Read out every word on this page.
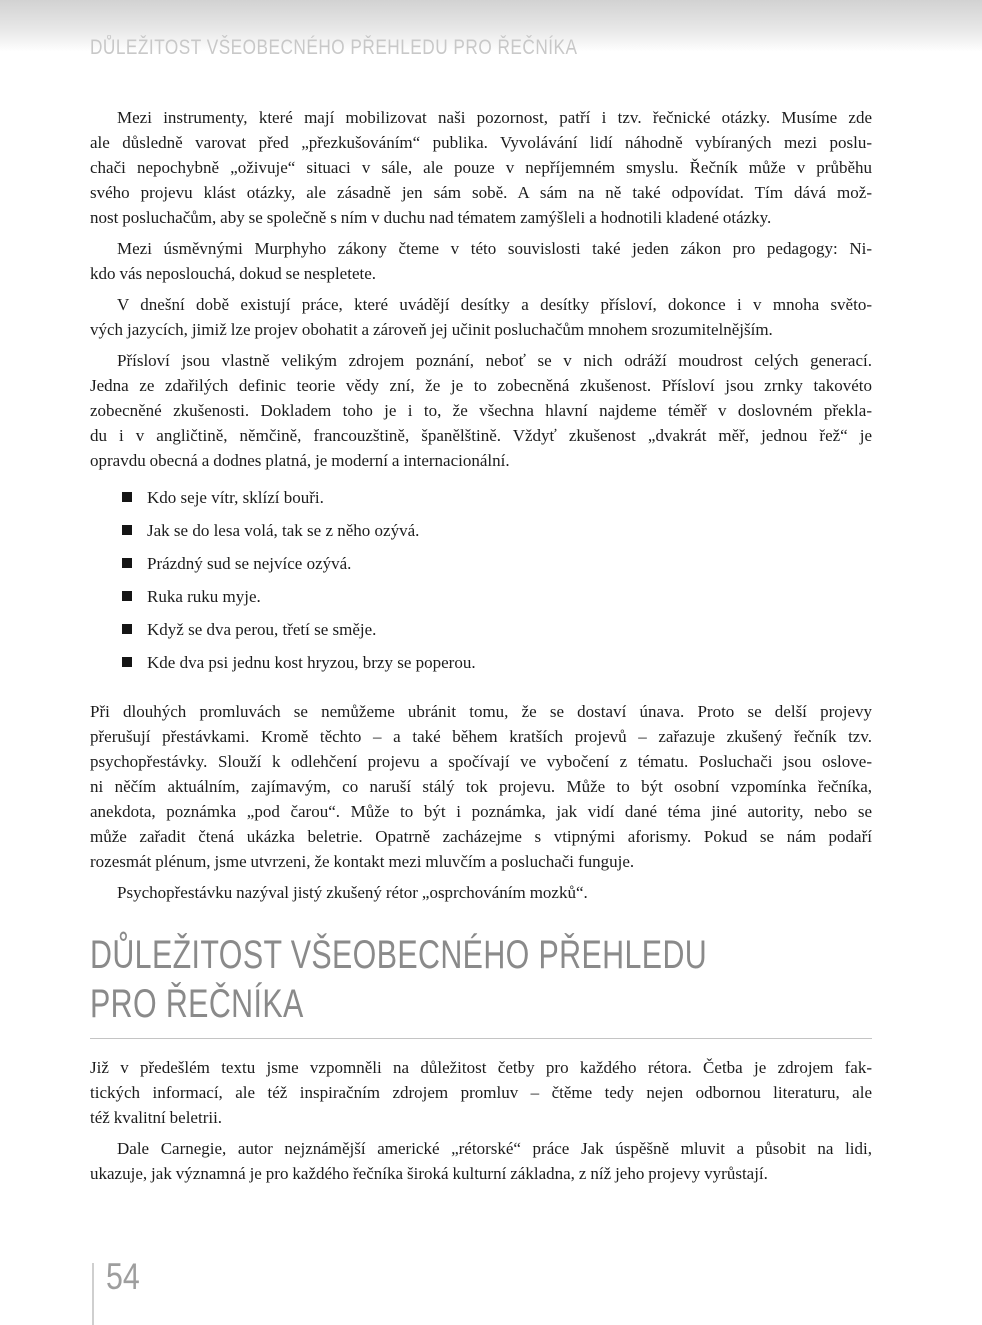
DŮLEŽITOST VŠEOBECNÉHO PŘEHLEDU PRO ŘEČNÍKA
Mezi instrumenty, které mají mobilizovat naši pozornost, patří i tzv. řečnické otázky. Musíme zde
ale důsledně varovat před „přezkušováním“ publika. Vyvolávání lidí náhodně vybíraných mezi poslu-
chači nepochybně „oživuje“ situaci v sále, ale pouze v nepříjemném smyslu. Řečník může v průběhu
svého projevu klást otázky, ale zásadně jen sám sobě. A sám na ně také odpovídat. Tím dává mož-
nost posluchačům, aby se společně s ním v duchu nad tématem zamýšleli a hodnotili kladené otázky.
Mezi úsměvnými Murphyho zákony čteme v této souvislosti také jeden zákon pro pedagogy: Ni-
kdo vás neposlouchá, dokud se nespletete.
V dnešní době existují práce, které uvádějí desítky a desítky přísloví, dokonce i v mnoha světo-
vých jazycích, jimiž lze projev obohatit a zároveň jej učinit posluchačům mnohem srozumitelnějším.
Přísloví jsou vlastně velikým zdrojem poznání, neboť se v nich odráží moudrost celých generací.
Jedna ze zdařilých definic teorie vědy zní, že je to zobecněná zkušenost. Přísloví jsou zrnky takovéto
zobecněné zkušenosti. Dokladem toho je i to, že všechna hlavní najdeme téměř v doslovném překla-
du i v angličtině, němčině, francouzštině, španělštině. Vždyť zkušenost „dvakrát měř, jednou řež“ je
opravdu obecná a dodnes platná, je moderní a internacionální.
Kdo seje vítr, sklízí bouři.
Jak se do lesa volá, tak se z něho ozývá.
Prázdný sud se nejvíce ozývá.
Ruka ruku myje.
Když se dva perou, třetí se směje.
Kde dva psi jednu kost hryzou, brzy se poperou.
Při dlouhých promluvách se nemůžeme ubránit tomu, že se dostaví únava. Proto se delší projevy
přerušují přestávkami. Kromě těchto – a také během kratších projevů – zařazuje zkušený řečník tzv.
psychopřestávky. Slouží k odlehčení projevu a spočívají ve vybočení z tématu. Posluchači jsou oslove-
ni něčím aktuálním, zajímavým, co naruší stálý tok projevu. Může to být osobní vzpomínka řečníka,
anekdota, poznámka „pod čarou“. Může to být i poznámka, jak vidí dané téma jiné autority, nebo se
může zařadit čtená ukázka beletrie. Opatrně zacházejme s vtipnými aforismy. Pokud se nám podaří
rozesmát plénum, jsme utvrzeni, že kontakt mezi mluvčím a posluchači funguje.
Psychopřestávku nazýval jistý zkušený rétor „osprchováním mozků“.
DŮLEŽITOST VŠEOBECNÉHO PŘEHLEDU
PRO ŘEČNÍKA
Již v předešlém textu jsme vzpomněli na důležitost četby pro každého rétora. Četba je zdrojem fak-
tických informací, ale též inspiračním zdrojem promluv – čtěme tedy nejen odbornou literaturu, ale
též kvalitní beletrii.
Dale Carnegie, autor nejznámější americké „rétorské“ práce Jak úspěšně mluvit a působit na lidi,
ukazuje, jak významná je pro každého řečníka široká kulturní základna, z níž jeho projevy vyrůstají.
54
